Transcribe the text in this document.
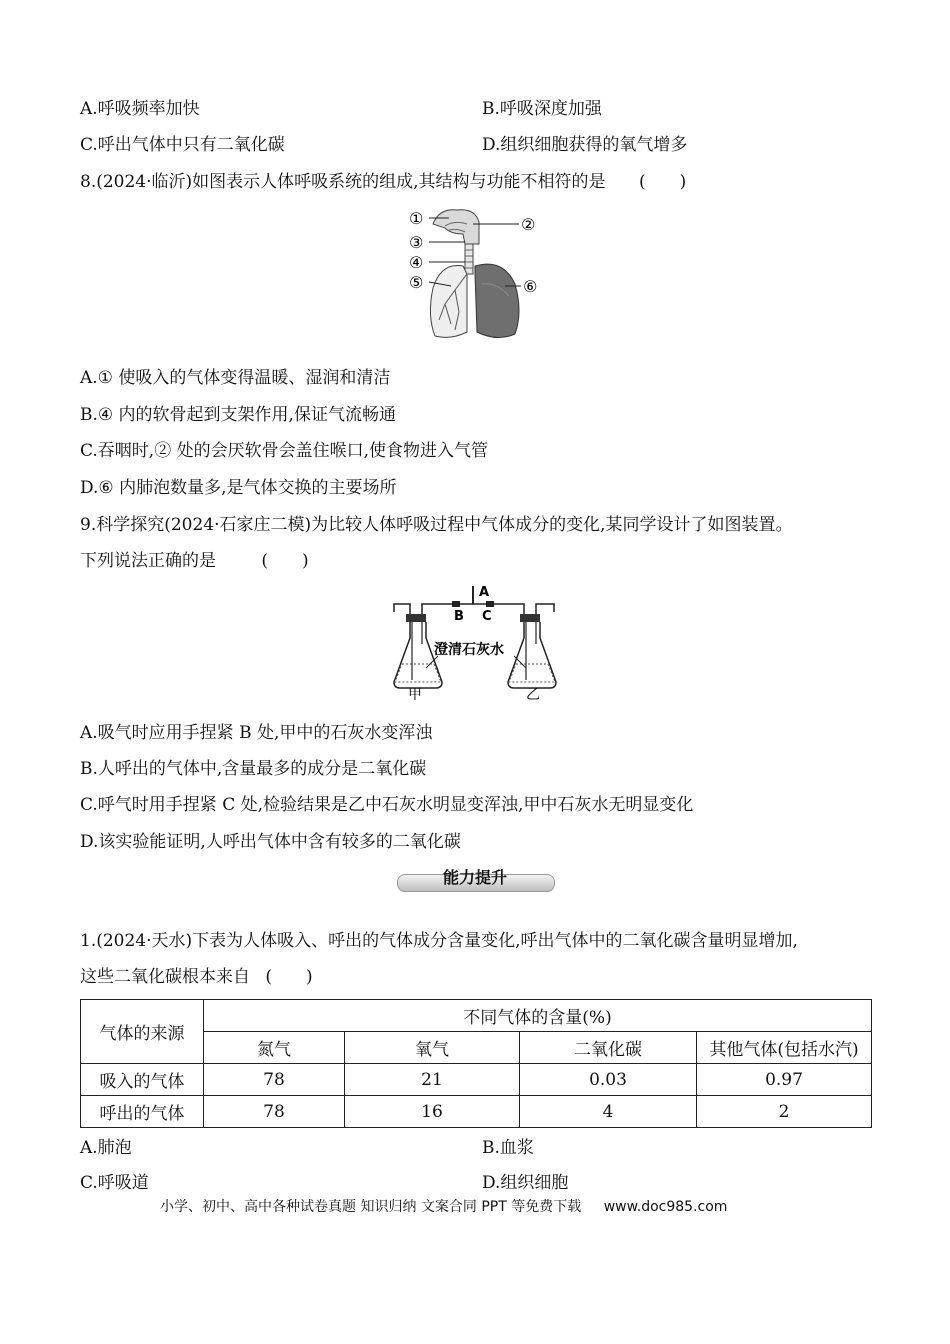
A.呼吸频率加快	B.呼吸深度加强
C.呼出气体中只有二氧化碳	D.组织细胞获得的氧气增多
8.(2024·临沂)如图表示人体呼吸系统的组成,其结构与功能不相符的是 (　　)
①	②
③
④
⑤	⑥
A.① 使吸入的气体变得温暖、湿润和清洁
B.④ 内的软骨起到支架作用,保证气流畅通
C.吞咽时,② 处的会厌软骨会盖住喉口,使食物进入气管
D.⑥ 内肺泡数量多,是气体交换的主要场所
9.科学探究(2024·石家庄二模)为比较人体呼吸过程中气体成分的变化,某同学设计了如图装置。
下列说法正确的是	(　　)
A
B C
澄清石灰水
甲	乙
A.吸气时应用手捏紧 B 处,甲中的石灰水变浑浊
B.人呼出的气体中,含量最多的成分是二氧化碳
C.呼气时用手捏紧 C 处,检验结果是乙中石灰水明显变浑浊,甲中石灰水无明显变化
D.该实验能证明,人呼出气体中含有较多的二氧化碳
能力提升
1.(2024·天水)下表为人体吸入、呼出的气体成分含量变化,呼出气体中的二氧化碳含量明显增加,
这些二氧化碳根本来自 (　　)
气体的来源	不同气体的含量(%)			
	氮气	氧气	二氧化碳	其他气体(包括水汽)
吸入的气体	78	21	0.03	0.97
呼出的气体	78	16	4	2
A.肺泡	B.血浆
C.呼吸道	D.组织细胞
小学、初中、高中各种试卷真题 知识归纳 文案合同 PPT 等免费下载 www.doc985.com
